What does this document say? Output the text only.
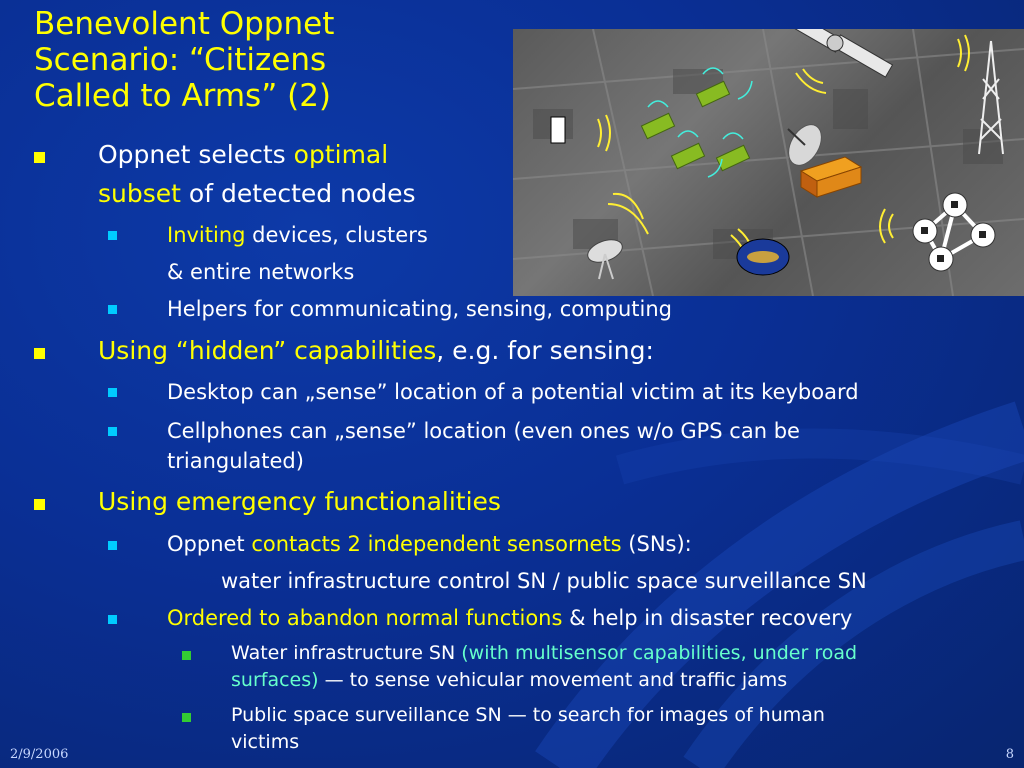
Benevolent Oppnet
Scenario: “Citizens
Called to Arms” (2)
Oppnet selects optimal
subset of detected nodes
Inviting devices, clusters
& entire networks
Helpers for communicating, sensing, computing
Using “hidden” capabilities, e.g. for sensing:
Desktop can „sense” location of a potential victim at its keyboard
Cellphones can „sense” location (even ones w/o GPS can be
triangulated)
Using emergency functionalities
Oppnet contacts 2 independent sensornets (SNs):
water infrastructure control SN / public space surveillance SN
Ordered to abandon normal functions & help in disaster recovery
Water infrastructure SN (with multisensor capabilities, under road
surfaces) — to sense vehicular movement and traffic jams
Public space surveillance SN — to search for images of human
victims
2/9/2006	8
